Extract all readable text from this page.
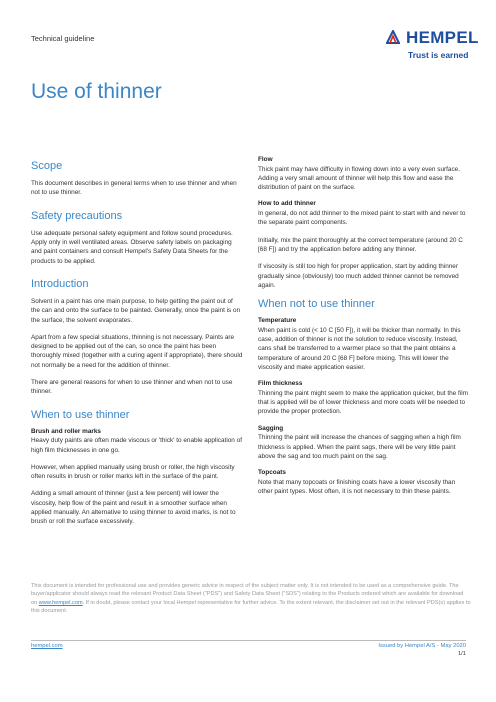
Technical guideline	HEMPEL
Trust is earned
Use of thinner
Scope

This document describes in general terms when to use thinner and when not to use thinner.

Safety precautions

Use adequate personal safety equipment and follow sound procedures. Apply only in well ventilated areas. Observe safety labels on packaging and paint containers and consult Hempel's Safety Data Sheets for the products to be applied.

Introduction

Solvent in a paint has one main purpose, to help getting the paint out of the can and onto the surface to be painted. Generally, once the paint is on the surface, the solvent evaporates.

Apart from a few special situations, thinning is not necessary. Paints are designed to be applied out of the can, so once the paint has been thoroughly mixed (together with a curing agent if appropriate), there should not normally be a need for the addition of thinner.

There are general reasons for when to use thinner and when not to use thinner.

When to use thinner
Brush and roller marks

Heavy duty paints are often made viscous or 'thick' to enable application of high film thicknesses in one go.

However, when applied manually using brush or roller, the high viscosity often results in brush or roller marks left in the surface of the paint.

Adding a small amount of thinner (just a few percent) will lower the viscosity, help flow of the paint and result in a smoother surface when applied manually. An alternative to using thinner to avoid marks, is not to brush or roll the surface excessively.

Flow

Thick paint may have difficulty in flowing down into a very even surface. Adding a very small amount of thinner will help this flow and ease the distribution of paint on the surface.

How to add thinner

In general, do not add thinner to the mixed paint to start with and never to the separate paint components.

Initially, mix the paint thoroughly at the correct temperature (around 20 C [68 F]) and try the application before adding any thinner.

If viscosity is still too high for proper application, start by adding thinner gradually since (obviously) too much added thinner cannot be removed again.

When not to use thinner
Temperature

When paint is cold (< 10 C [50 F]), it will be thicker than normally. In this case, addition of thinner is not the solution to reduce viscosity. Instead, cans shall be transferred to a warmer place so that the paint obtains a temperature of around 20 C [68 F] before mixing. This will lower the viscosity and make application easier.

Film thickness

Thinning the paint might seem to make the application quicker, but the film that is applied will be of lower thickness and more coats will be needed to provide the proper protection.

Sagging

Thinning the paint will increase the chances of sagging when a high film thickness is applied. When the paint sags, there will be very little paint above the sag and too much paint on the sag.

Topcoats

Note that many topcoats or finishing coats have a lower viscosity than other paint types. Most often, it is not necessary to thin these paints.

This document is intended for professional use and provides generic advice in respect of the subject matter only. It is not intended to be used as a comprehensive guide. The buyer/applicator should always read the relevant Product Data Sheet ("PDS") and Safety Data Sheet ("SDS") relating to the Products ordered which are available for download on www.hempel.com. If in doubt, please contact your local Hempel representative for further advice. To the extent relevant, the disclaimer set out in the relevant PDS(s) applies to this document.
hempel.com	Issued by Hempel A/S - May 2020
1/1
